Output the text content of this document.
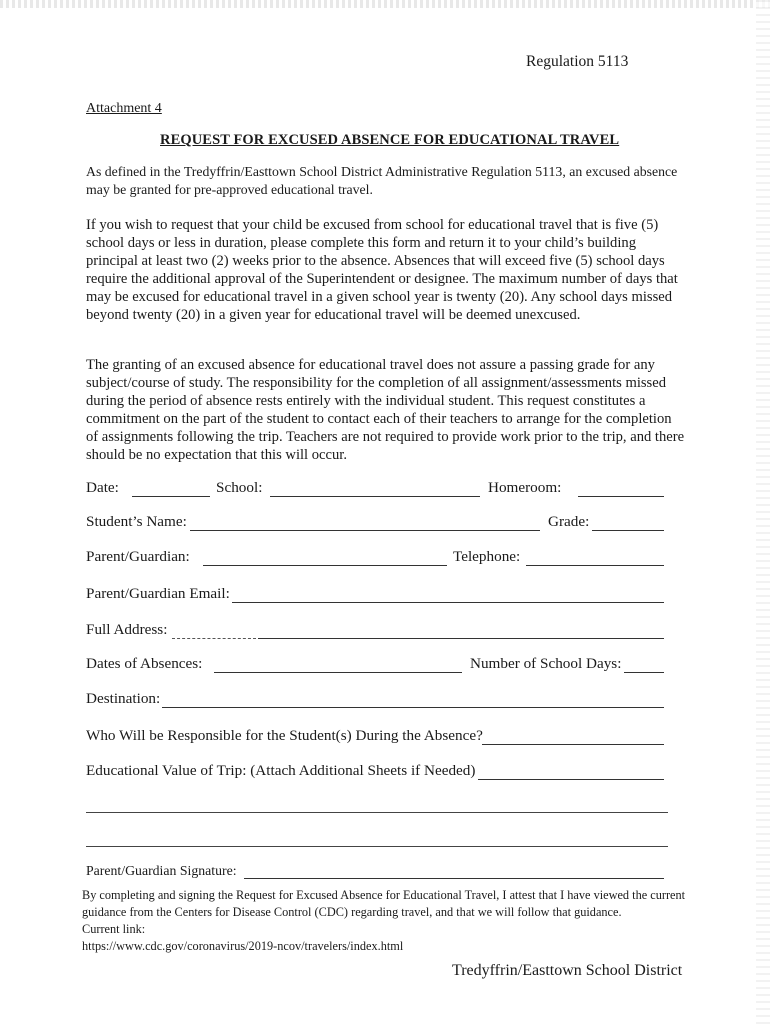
Regulation 5113
Attachment 4
REQUEST FOR EXCUSED ABSENCE FOR EDUCATIONAL TRAVEL
As defined in the Tredyffrin/Easttown School District Administrative Regulation 5113, an excused absence may be granted for pre-approved educational travel.
If you wish to request that your child be excused from school for educational travel that is five (5) school days or less in duration, please complete this form and return it to your child’s building principal at least two (2) weeks prior to the absence. Absences that will exceed five (5) school days require the additional approval of the Superintendent or designee. The maximum number of days that may be excused for educational travel in a given school year is twenty (20). Any school days missed beyond twenty (20) in a given year for educational travel will be deemed unexcused.
The granting of an excused absence for educational travel does not assure a passing grade for any subject/course of study. The responsibility for the completion of all assignment/assessments missed during the period of absence rests entirely with the individual student. This request constitutes a commitment on the part of the student to contact each of their teachers to arrange for the completion of assignments following the trip. Teachers are not required to provide work prior to the trip, and there should be no expectation that this will occur.
Date:	School:	Homeroom:
Student’s Name:	Grade:
Parent/Guardian:	Telephone:
Parent/Guardian Email:
Full Address:
Dates of Absences:	Number of School Days:
Destination:
Who Will be Responsible for the Student(s) During the Absence?
Educational Value of Trip: (Attach Additional Sheets if Needed)
Parent/Guardian Signature:
By completing and signing the Request for Excused Absence for Educational Travel, I attest that I have viewed the current guidance from the Centers for Disease Control (CDC) regarding travel, and that we will follow that guidance.
Current link:
https://www.cdc.gov/coronavirus/2019-ncov/travelers/index.html
Tredyffrin/Easttown School District
